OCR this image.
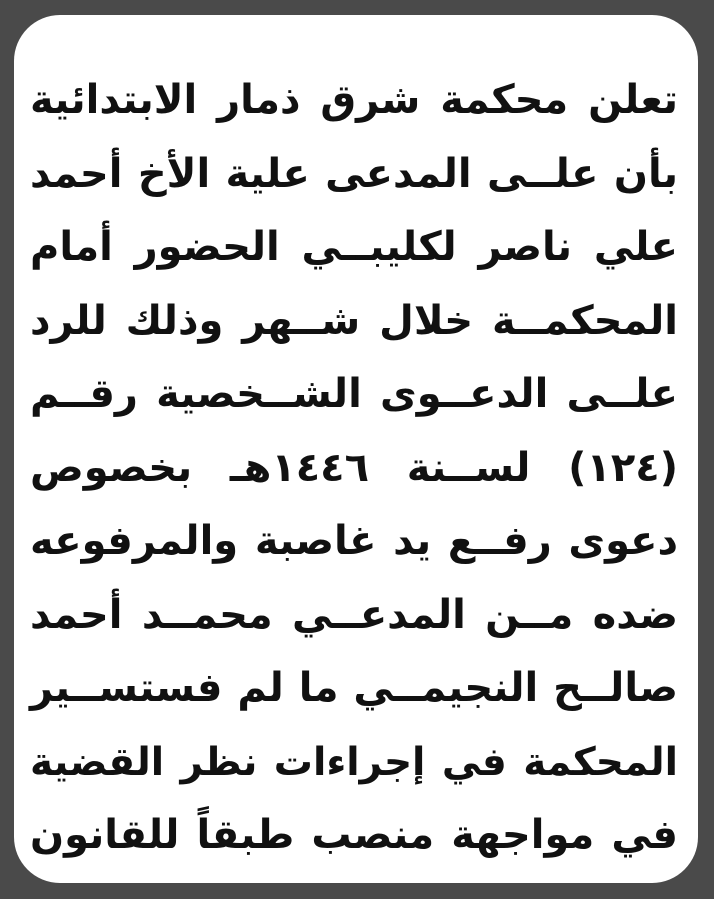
تعلن محكمة شرق ذمار الابتدائية
بأن علــى المدعى علية الأخ أحمد
علي ناصر لكليبــي الحضور أمام
المحكمــة خلال شــهر وذلك للرد
علــى الدعــوى الشــخصية رقــم
(١٢٤) لســنة ١٤٤٦هـ بخصوص
دعوى رفــع يد غاصبة والمرفوعه
ضده مــن المدعــي محمــد أحمد
صالــح النجيمــي ما لم فستســير
المحكمة في إجراءات نظر القضية
في مواجهة منصب طبقاً للقانون
